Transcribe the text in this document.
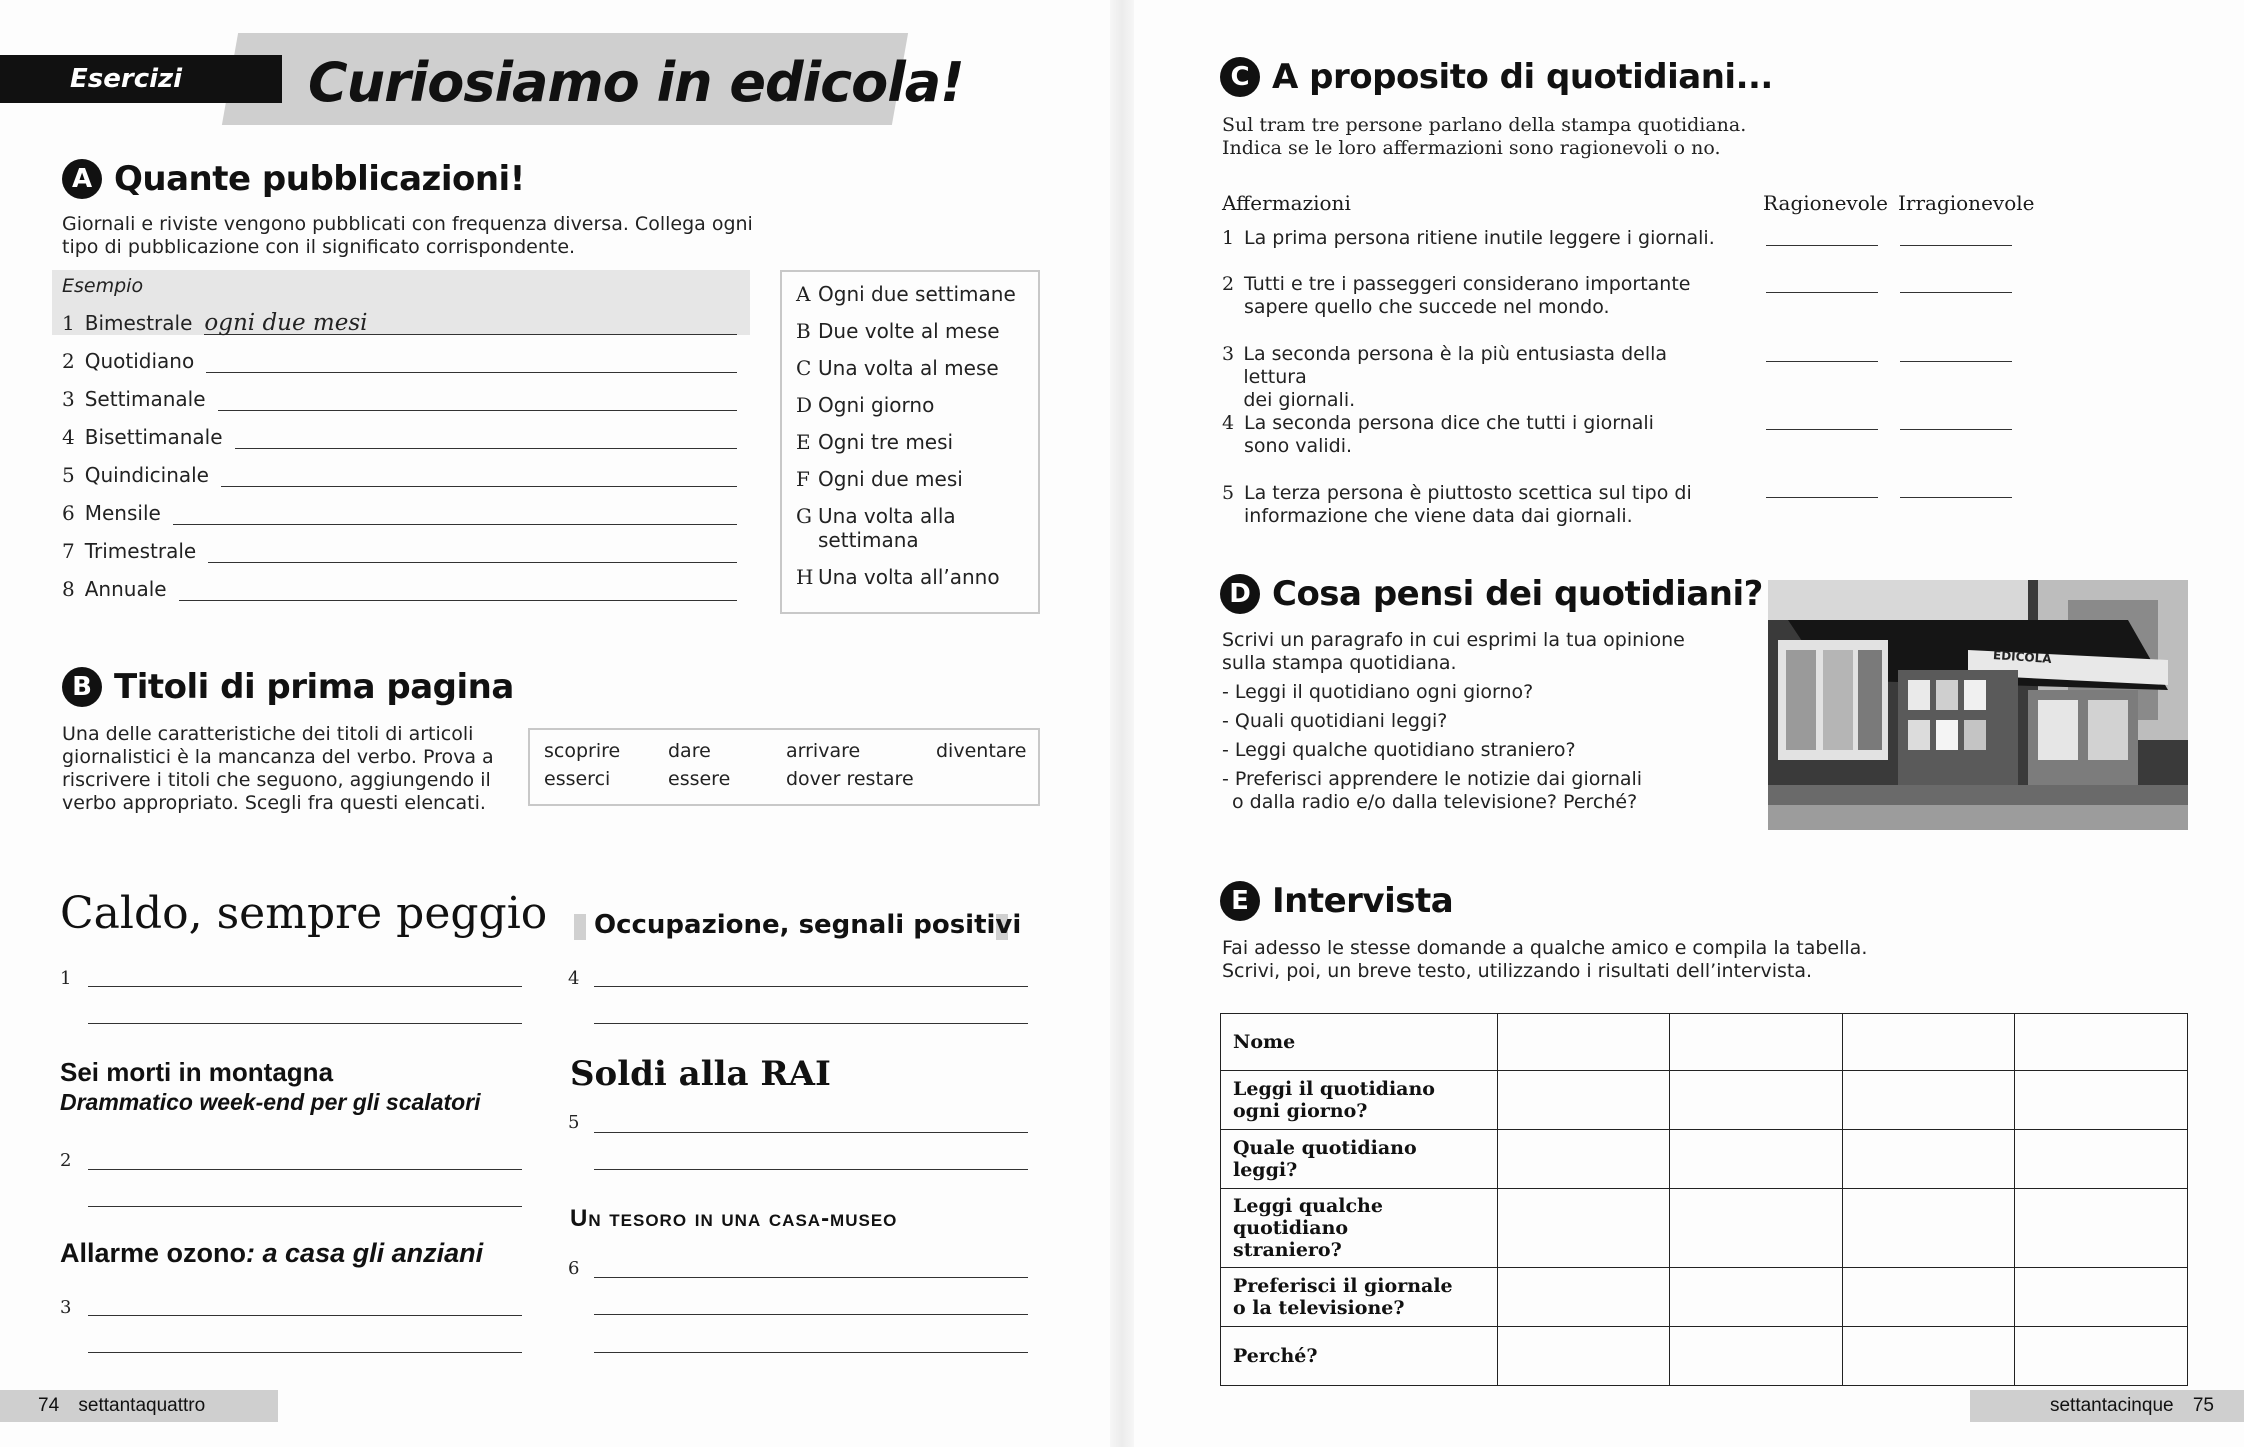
Esercizi	Curiosiamo in edicola!
A Quante pubblicazioni!
Giornali e riviste vengono pubblicati con frequenza diversa. Collega ogni
tipo di pubblicazione con il significato corrispondente.
Esempio
1 Bimestrale ogni due mesi
2 Quotidiano
3 Settimanale
4 Bisettimanale
5 Quindicinale
6 Mensile
7 Trimestrale
8 Annuale
A Ogni due settimane
B Due volte al mese
C Una volta al mese
D Ogni giorno
E Ogni tre mesi
F Ogni due mesi
G Una volta alla settimana
H Una volta all’anno
B Titoli di prima pagina
Una delle caratteristiche dei titoli di articoli
giornalistici è la mancanza del verbo. Prova a
riscrivere i titoli che seguono, aggiungendo il
verbo appropriato. Scegli fra questi elencati.
scoprire	dare	arrivare	diventare
esserci	essere	dover restare
Caldo, sempre peggio
1
Sei morti in montagna
Drammatico week-end per gli scalatori
2
Allarme ozono: a casa gli anziani
3
Occupazione, segnali positivi
4
Soldi alla RAI
5
Un tesoro in una casa-museo
6
74 settantaquattro
C A proposito di quotidiani...
Sul tram tre persone parlano della stampa quotidiana.
Indica se le loro affermazioni sono ragionevoli o no.
Affermazioni	Ragionevole Irragionevole
1 La prima persona ritiene inutile leggere i giornali.
2 Tutti e tre i passeggeri considerano importante
sapere quello che succede nel mondo.
3 La seconda persona è la più entusiasta della lettura
dei giornali.
4 La seconda persona dice che tutti i giornali
sono validi.
5 La terza persona è piuttosto scettica sul tipo di
informazione che viene data dai giornali.
D Cosa pensi dei quotidiani?
Scrivi un paragrafo in cui esprimi la tua opinione
sulla stampa quotidiana.
- Leggi il quotidiano ogni giorno?
- Quali quotidiani leggi?
- Leggi qualche quotidiano straniero?
- Preferisci apprendere le notizie dai giornali
o dalla radio e/o dalla televisione? Perché?
EDICOLA
E Intervista
Fai adesso le stesse domande a qualche amico e compila la tabella.
Scrivi, poi, un breve testo, utilizzando i risultati dell’intervista.
Nome				

Leggi il quotidiano
ogni giorno?				

Quale quotidiano leggi?				

Leggi qualche quotidiano
straniero?				

Preferisci il giornale
o la televisione?				

Perché?				

settantacinque 75
